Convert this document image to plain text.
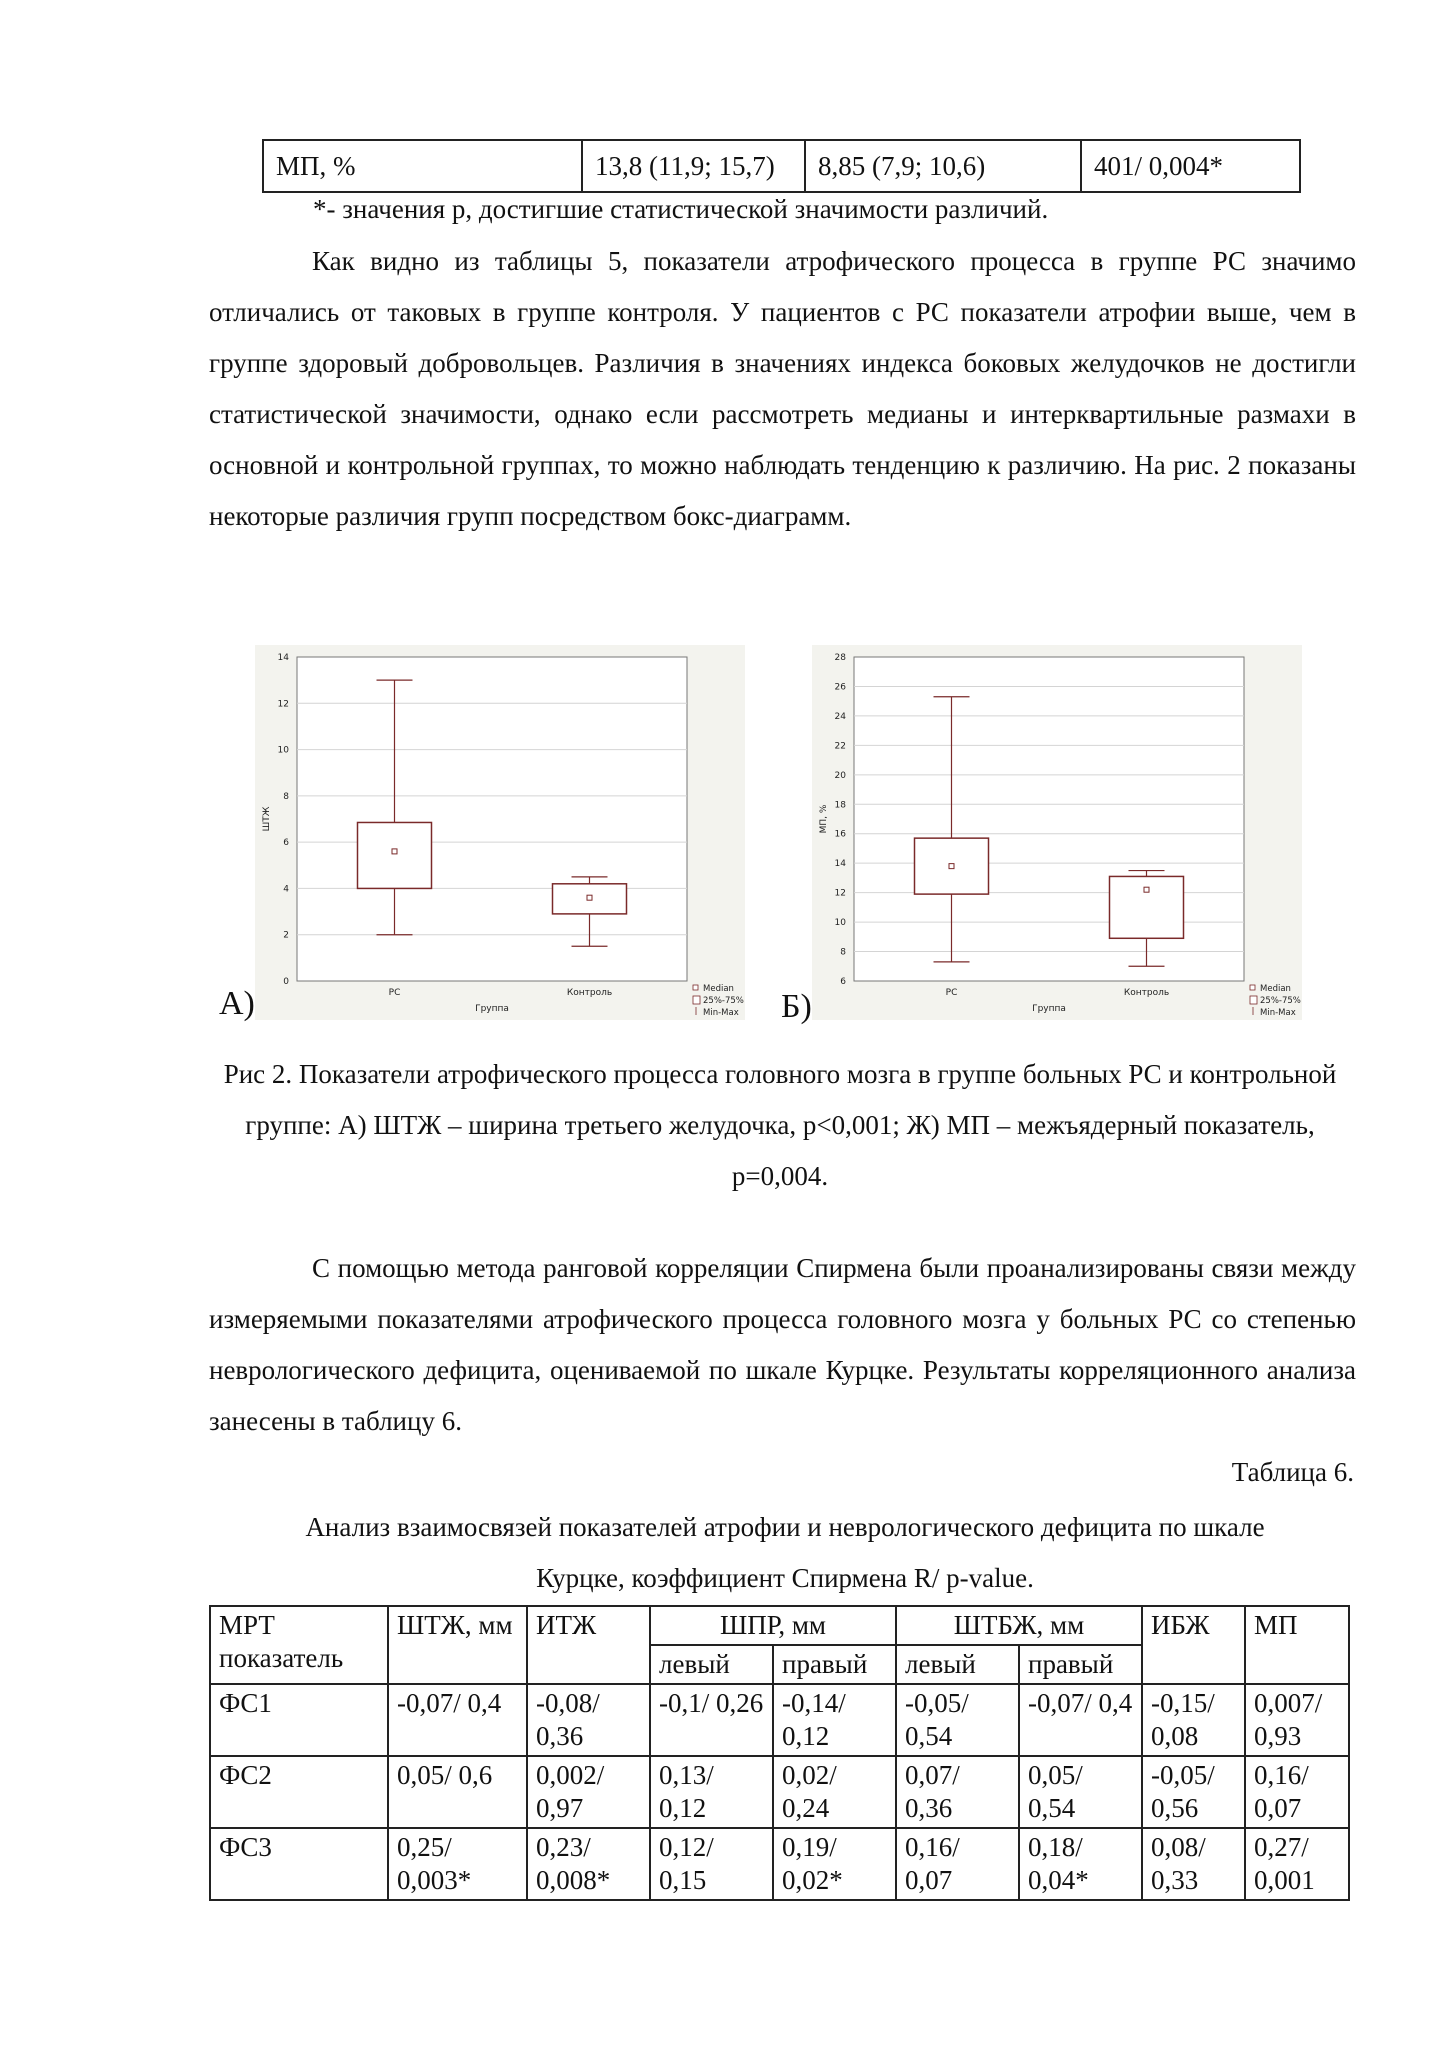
МП, %	13,8 (11,9; 15,7)	8,85 (7,9; 10,6)	401/ 0,004*
*- значения р, достигшие статистической значимости различий.

Как видно из таблицы 5, показатели атрофического процесса в группе РС значимо отличались от таковых в группе контроля. У пациентов с РС показатели атрофии выше, чем в группе здоровый добровольцев. Различия в значениях индекса боковых желудочков не достигли статистической значимости, однако если рассмотреть медианы и интерквартильные размахи в основной и контрольной группах, то можно наблюдать тенденцию к различию. На рис. 2 показаны некоторые различия групп посредством бокс-диаграмм.

0
2
4
6
8
10
12
14
РС	Контроль
Группа
ШТЖ
Median
25%-75%
Min-Max
А)
6
8
10
12
14
16
18
20
22
24
26
28
РС	Контроль
Группа
МП, %
Median
25%-75%
Min-Max
Б)

Рис 2. Показатели атрофического процесса головного мозга в группе больных РС и контрольной группе: А) ШТЖ – ширина третьего желудочка, р<0,001; Ж) МП – межъядерный показатель, р=0,004.

С помощью метода ранговой корреляции Спирмена были проанализированы связи между измеряемыми показателями атрофического процесса головного мозга у больных РС со степенью неврологического дефицита, оцениваемой по шкале Курцке. Результаты корреляционного анализа занесены в таблицу 6.

Таблица 6.

Анализ взаимосвязей показателей атрофии и неврологического дефицита по шкале Курцке, коэффициент Спирмена R/ p-value.

МРТ показатель	ШТЖ, мм	ИТЖ	ШПР, мм		ШТБЖ, мм		ИБЖ	МП
			левый	правый	левый	правый		
ФС1	-0,07/ 0,4	-0,08/ 0,36	-0,1/ 0,26	-0,14/ 0,12	-0,05/ 0,54	-0,07/ 0,4	-0,15/ 0,08	0,007/ 0,93
ФС2	0,05/ 0,6	0,002/ 0,97	0,13/ 0,12	0,02/ 0,24	0,07/ 0,36	0,05/ 0,54	-0,05/ 0,56	0,16/ 0,07
ФС3	0,25/ 0,003*	0,23/ 0,008*	0,12/ 0,15	0,19/ 0,02*	0,16/ 0,07	0,18/ 0,04*	0,08/ 0,33	0,27/ 0,001
